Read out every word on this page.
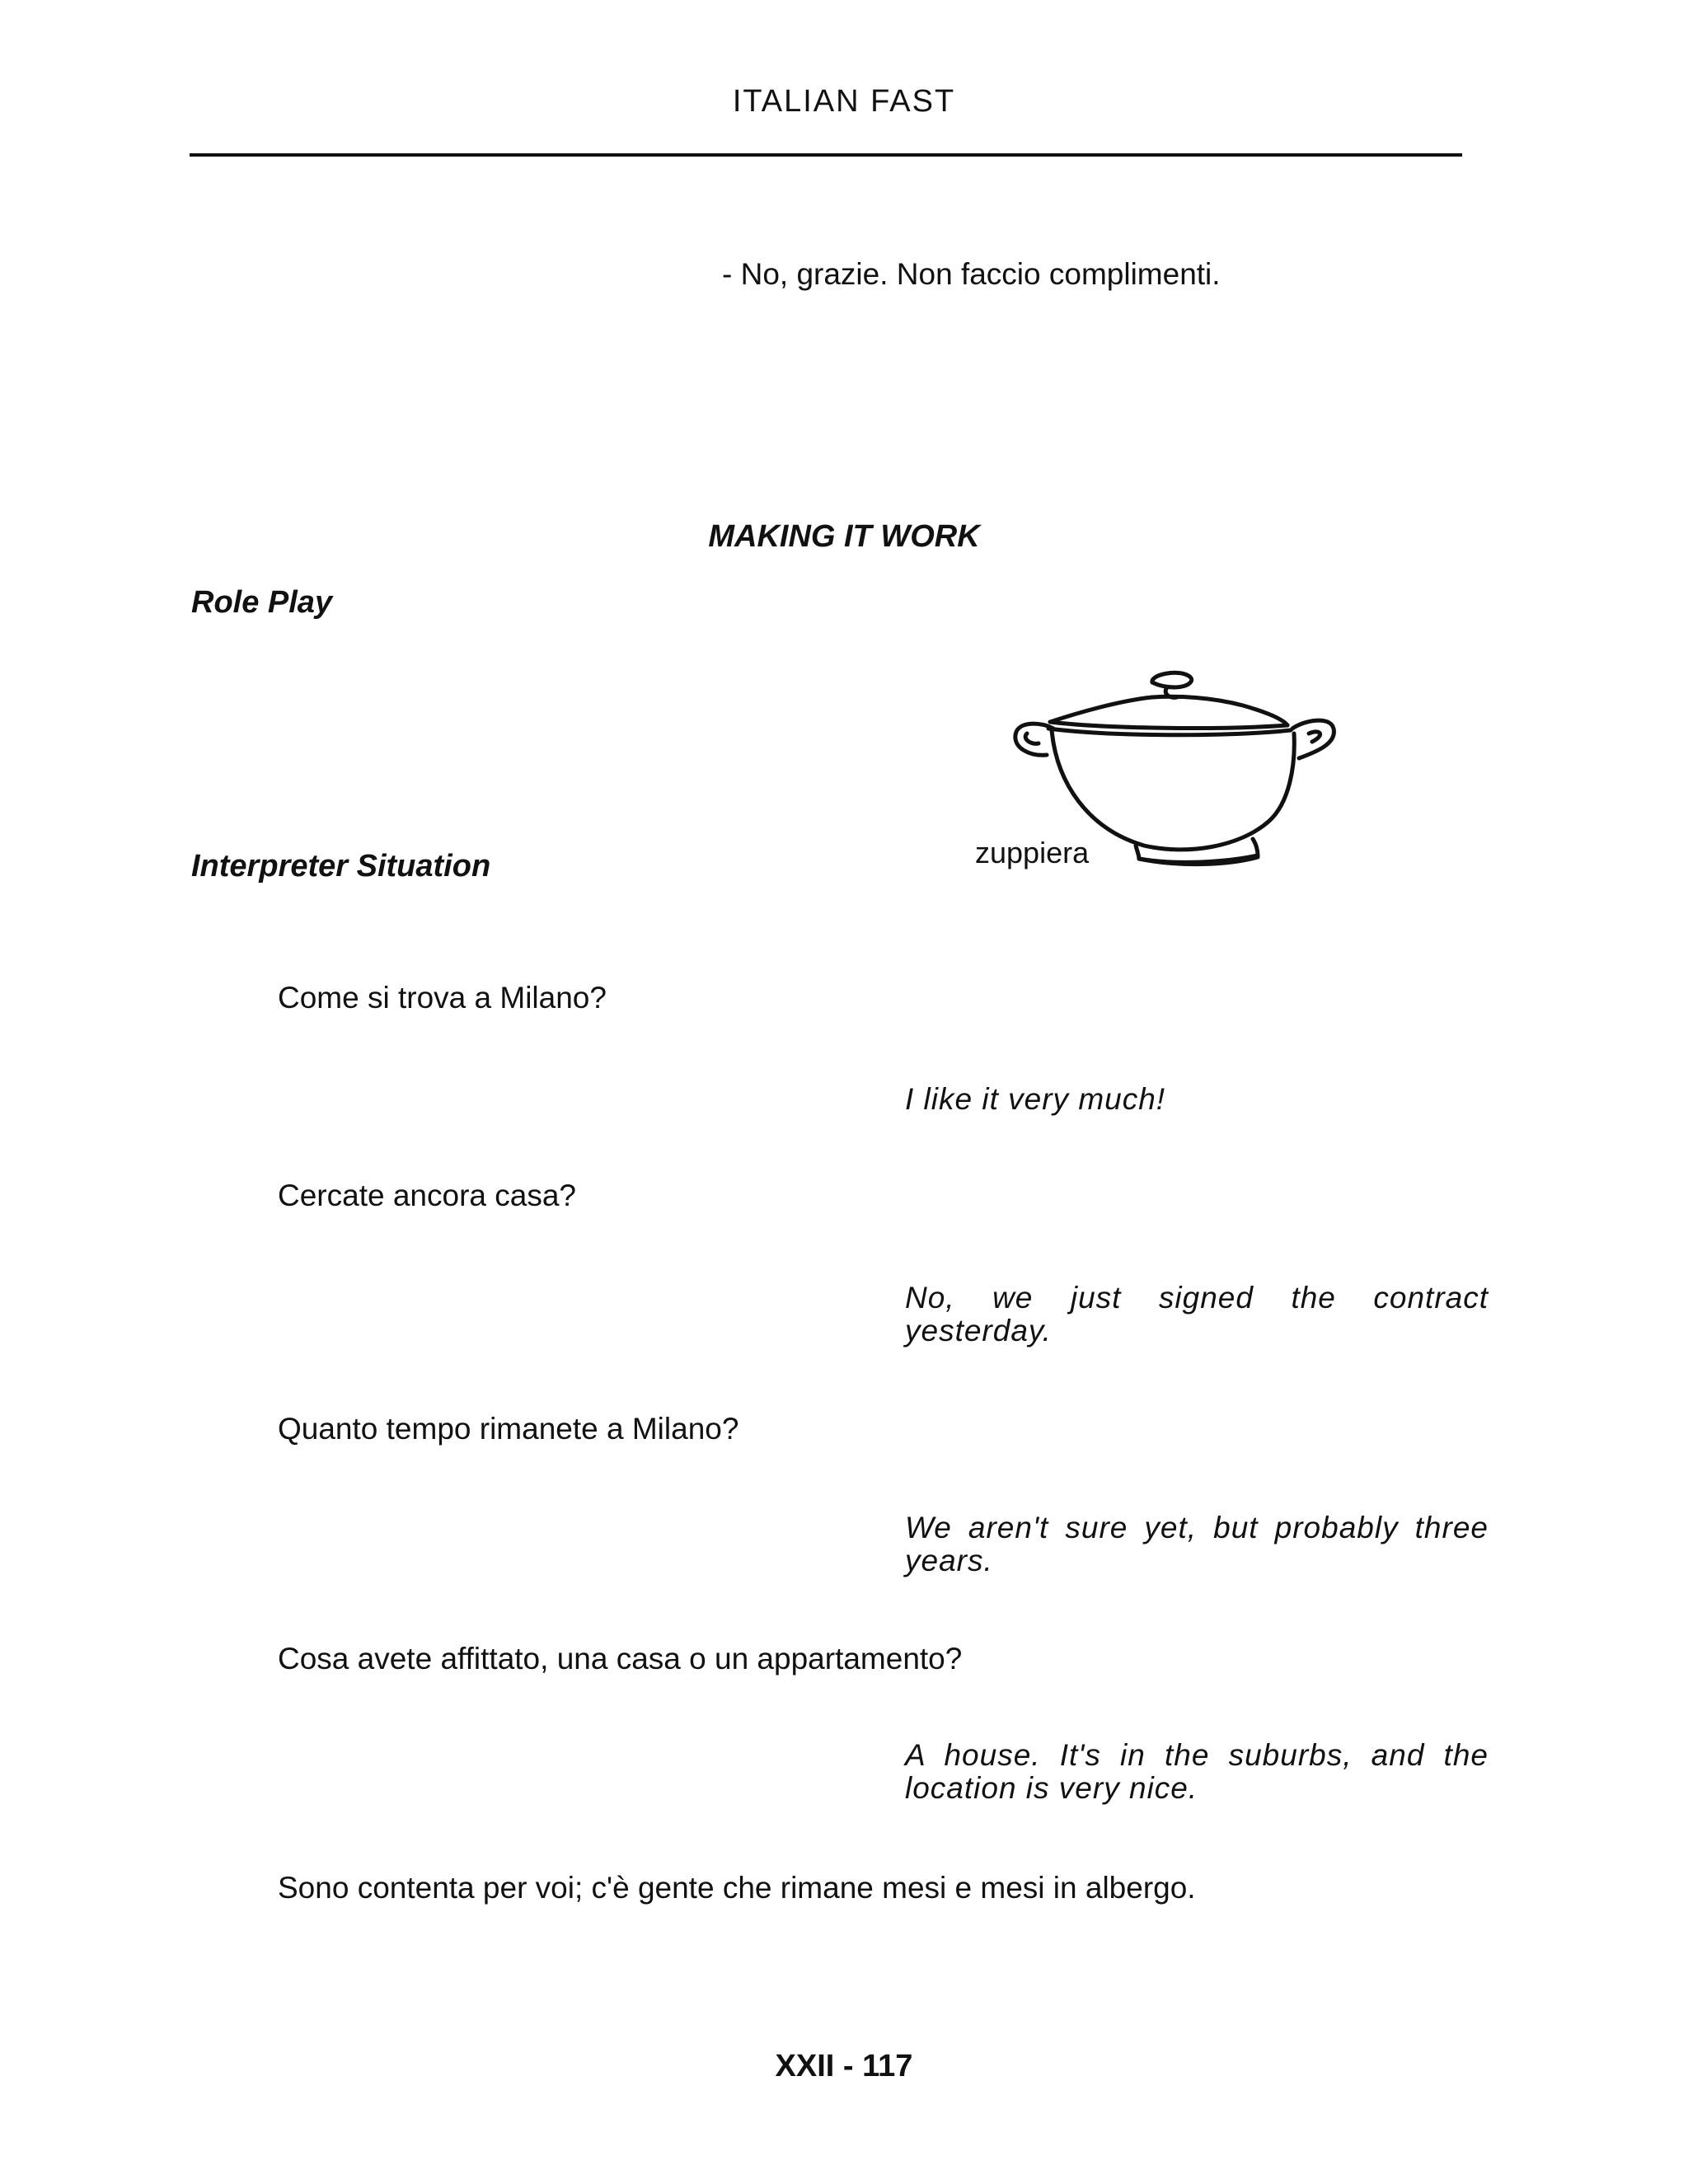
ITALIAN FAST

- No, grazie. Non faccio complimenti.

MAKING IT WORK

Role Play

zuppiera

Interpreter Situation

Come si trova a Milano?

I like it very much!

Cercate ancora casa?

No, we just signed the contract yesterday.

Quanto tempo rimanete a Milano?

We aren't sure yet, but probably three years.

Cosa avete affittato, una casa o un appartamento?

A house. It's in the suburbs, and the location is very nice.

Sono contenta per voi; c'è gente che rimane mesi e mesi in albergo.

XXII - 117
